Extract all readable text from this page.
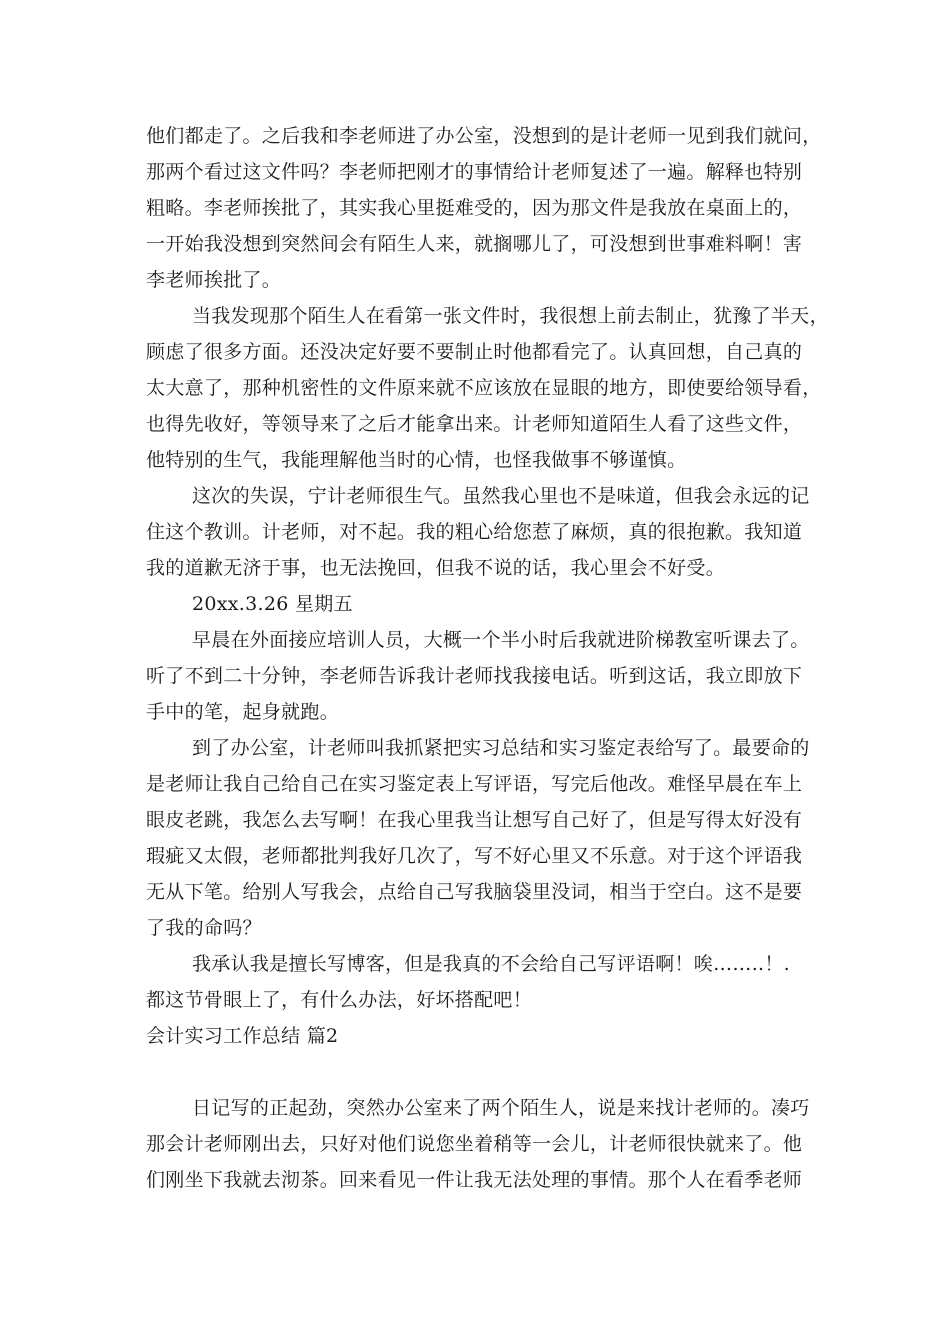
他们都走了。之后我和李老师进了办公室，没想到的是计老师一见到我们就问，
那两个看过这文件吗？李老师把刚才的事情给计老师复述了一遍。解释也特别
粗略。李老师挨批了，其实我心里挺难受的，因为那文件是我放在桌面上的，
一开始我没想到突然间会有陌生人来，就搁哪儿了，可没想到世事难料啊！害
李老师挨批了。
当我发现那个陌生人在看第一张文件时，我很想上前去制止，犹豫了半天，
顾虑了很多方面。还没决定好要不要制止时他都看完了。认真回想，自己真的
太大意了，那种机密性的文件原来就不应该放在显眼的地方，即使要给领导看，
也得先收好，等领导来了之后才能拿出来。计老师知道陌生人看了这些文件，
他特别的生气，我能理解他当时的心情，也怪我做事不够谨慎。
这次的失误，宁计老师很生气。虽然我心里也不是味道，但我会永远的记
住这个教训。计老师，对不起。我的粗心给您惹了麻烦，真的很抱歉。我知道
我的道歉无济于事，也无法挽回，但我不说的话，我心里会不好受。
20xx.3.26 星期五
早晨在外面接应培训人员，大概一个半小时后我就进阶梯教室听课去了。
听了不到二十分钟，李老师告诉我计老师找我接电话。听到这话，我立即放下
手中的笔，起身就跑。
到了办公室，计老师叫我抓紧把实习总结和实习鉴定表给写了。最要命的
是老师让我自己给自己在实习鉴定表上写评语，写完后他改。难怪早晨在车上
眼皮老跳，我怎么去写啊！在我心里我当让想写自己好了，但是写得太好没有
瑕疵又太假，老师都批判我好几次了，写不好心里又不乐意。对于这个评语我
无从下笔。给别人写我会，点给自己写我脑袋里没词，相当于空白。这不是要
了我的命吗？
我承认我是擅长写博客，但是我真的不会给自己写评语啊！唉……..！.
都这节骨眼上了，有什么办法，好坏搭配吧！
会计实习工作总结 篇2
日记写的正起劲，突然办公室来了两个陌生人，说是来找计老师的。凑巧
那会计老师刚出去，只好对他们说您坐着稍等一会儿，计老师很快就来了。他
们刚坐下我就去沏茶。回来看见一件让我无法处理的事情。那个人在看季老师
